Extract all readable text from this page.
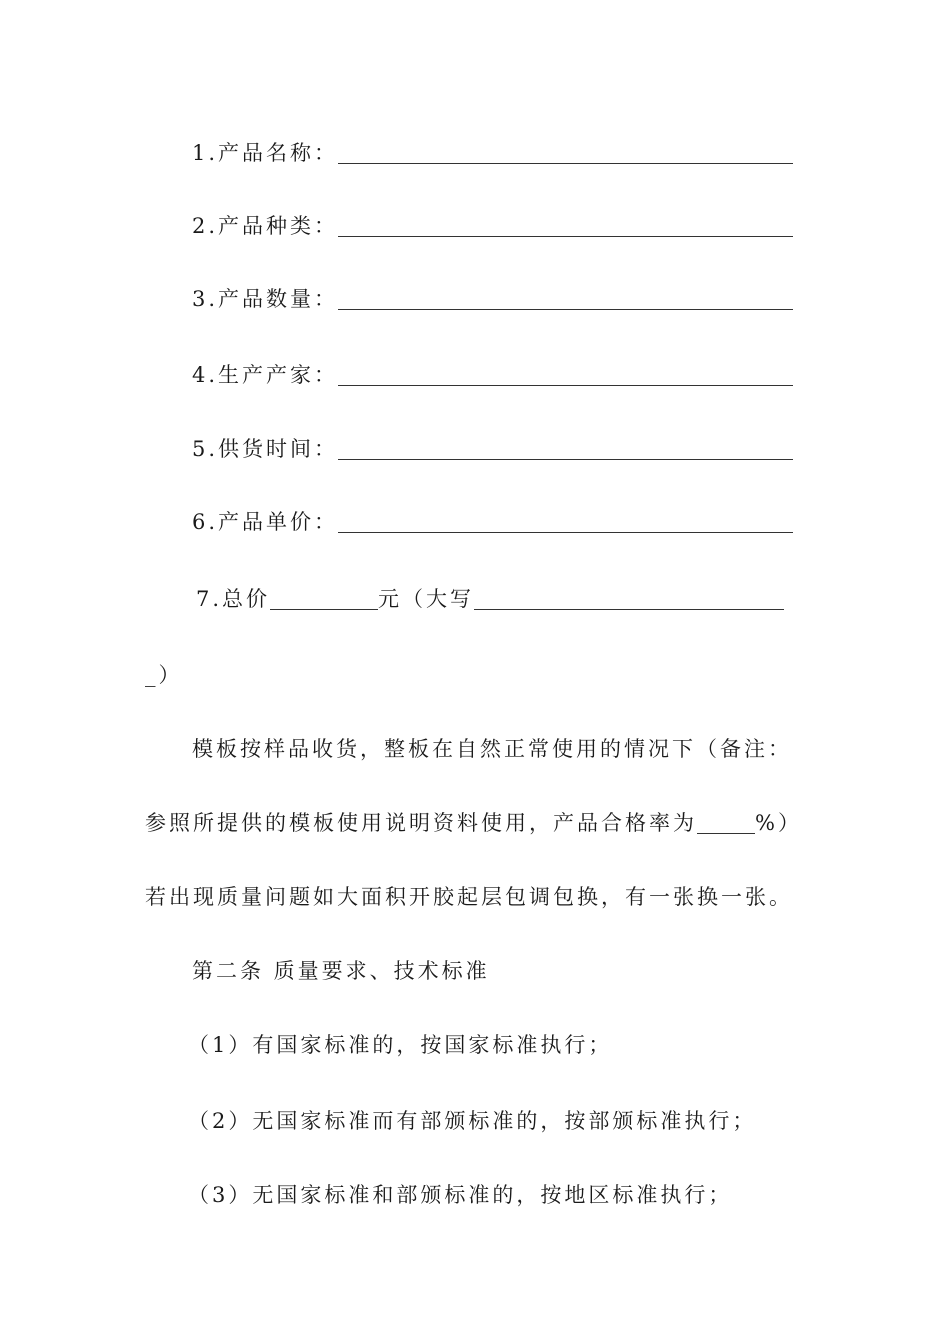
1.产品名称：
2.产品种类：
3.产品数量：
4.生产产家：
5.供货时间：
6.产品单价：
7.总价	元（大写
_）
模板按样品收货，整板在自然正常使用的情况下（备注：
参照所提供的模板使用说明资料使用，产品合格率为	%）
若出现质量问题如大面积开胶起层包调包换，有一张换一张。
第二条 质量要求、技术标准
（1）有国家标准的，按国家标准执行；
（2）无国家标准而有部颁标准的，按部颁标准执行；
（3）无国家标准和部颁标准的，按地区标准执行；
